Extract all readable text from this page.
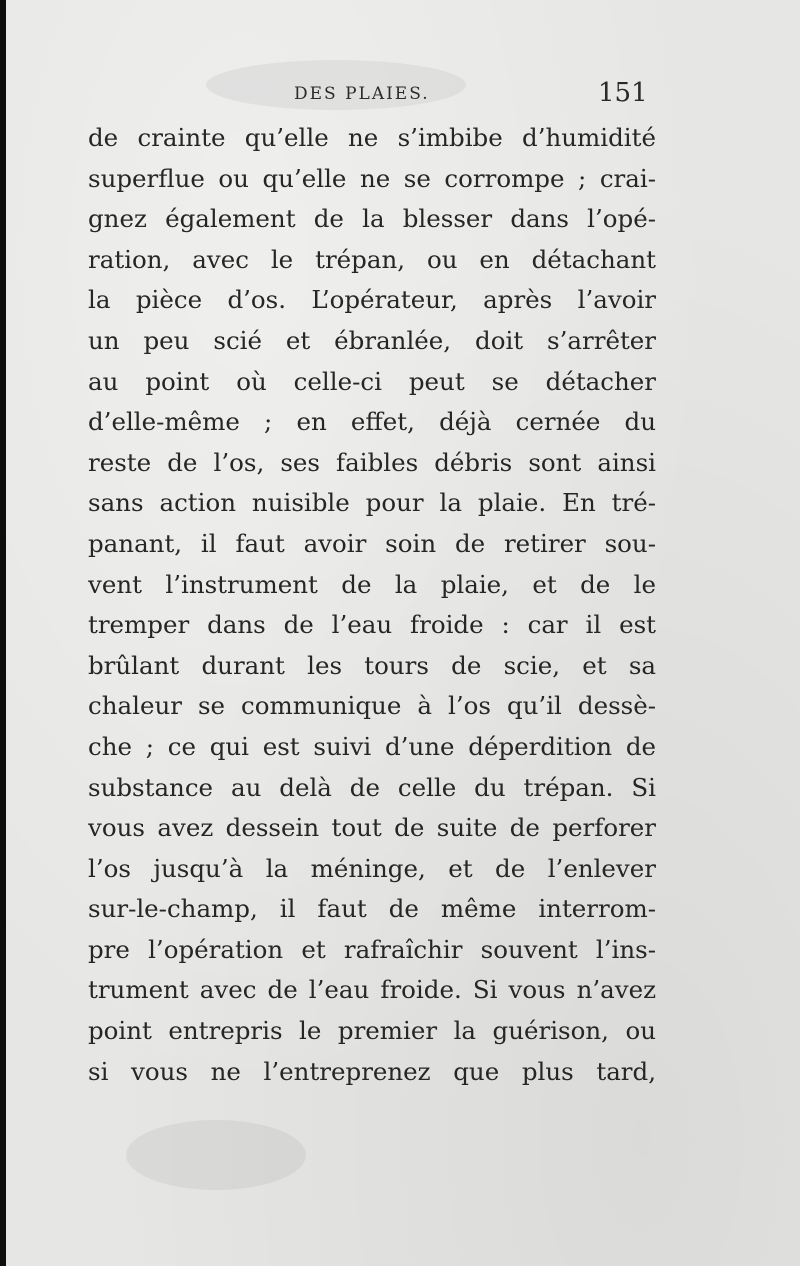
DES PLAIES.	151
de crainte qu’elle ne s’imbibe d’humidité
superflue ou qu’elle ne se corrompe ; crai-
gnez également de la blesser dans l’opé-
ration, avec le trépan, ou en détachant
la pièce d’os. L’opérateur, après l’avoir
un peu scié et ébranlée, doit s’arrêter
au point où celle-ci peut se détacher
d’elle-même ; en effet, déjà cernée du
reste de l’os, ses faibles débris sont ainsi
sans action nuisible pour la plaie. En tré-
panant, il faut avoir soin de retirer sou-
vent l’instrument de la plaie, et de le
tremper dans de l’eau froide : car il est
brûlant durant les tours de scie, et sa
chaleur se communique à l’os qu’il dessè-
che ; ce qui est suivi d’une déperdition de
substance au delà de celle du trépan. Si
vous avez dessein tout de suite de perforer
l’os jusqu’à la méninge, et de l’enlever
sur-le-champ, il faut de même interrom-
pre l’opération et rafraîchir souvent l’ins-
trument avec de l’eau froide. Si vous n’avez
point entrepris le premier la guérison, ou
si vous ne l’entreprenez que plus tard,
